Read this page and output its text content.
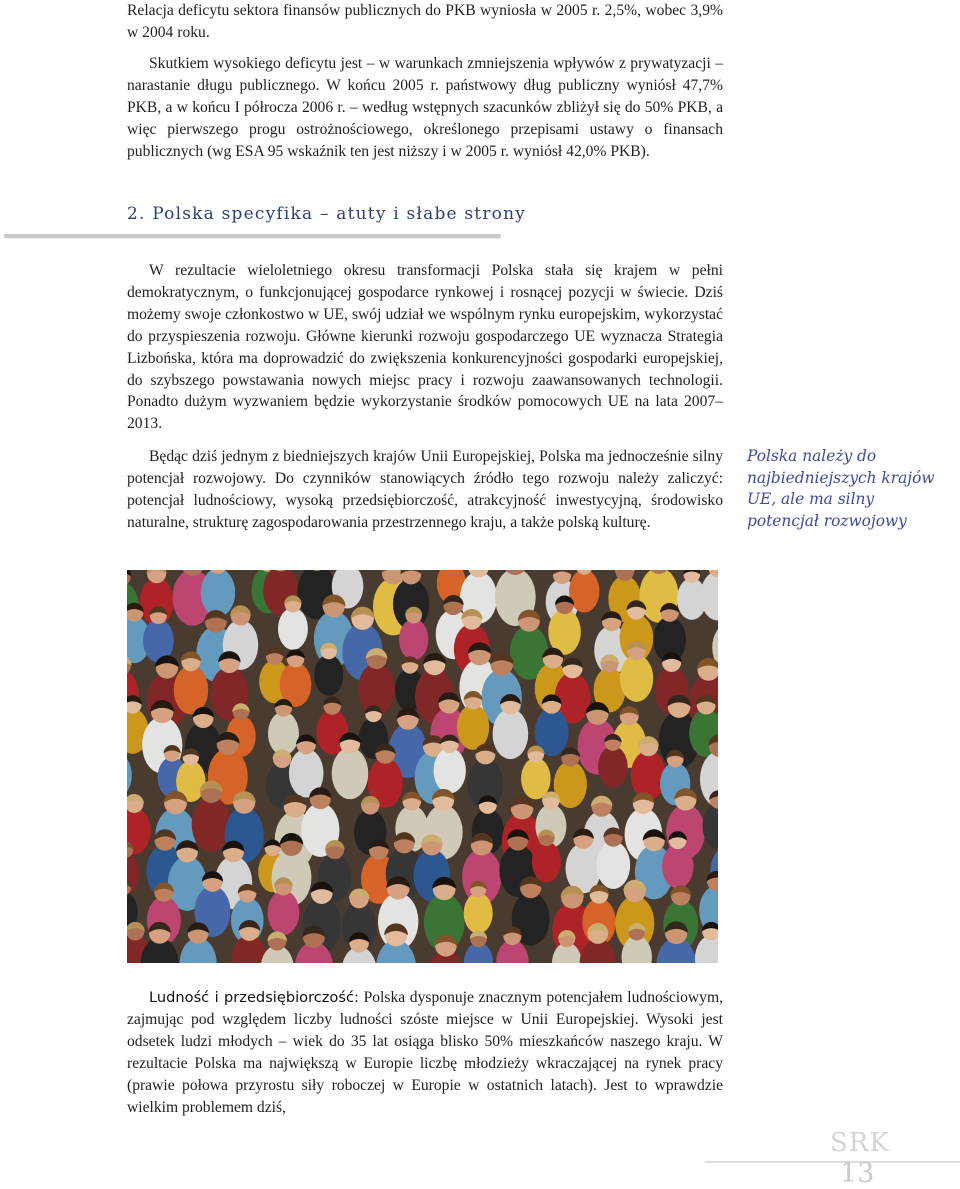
Relacja deficytu sektora finansów publicznych do PKB wyniosła w 2005 r. 2,5%, wobec 3,9% w 2004 roku.

Skutkiem wysokiego deficytu jest – w warunkach zmniejszenia wpływów z prywatyzacji – narastanie długu publicznego. W końcu 2005 r. państwowy dług publiczny wyniósł 47,7% PKB, a w końcu I półrocza 2006 r. – według wstępnych szacunków zbliżył się do 50% PKB, a więc pierwszego progu ostrożnościowego, określonego przepisami ustawy o finansach publicznych (wg ESA 95 wskaźnik ten jest niższy i w 2005 r. wyniósł 42,0% PKB).

2. Polska specyfika – atuty i słabe strony

W rezultacie wieloletniego okresu transformacji Polska stała się krajem w pełni demokratycznym, o funkcjonującej gospodarce rynkowej i rosnącej pozycji w świecie. Dziś możemy swoje członkostwo w UE, swój udział we wspólnym rynku europejskim, wykorzystać do przyspieszenia rozwoju. Główne kierunki rozwoju gospodarczego UE wyznacza Strategia Lizbońska, która ma doprowadzić do zwiększenia konkurencyjności gospodarki europejskiej, do szybszego powstawania nowych miejsc pracy i rozwoju zaawansowanych technologii. Ponadto dużym wyzwaniem będzie wykorzystanie środków pomocowych UE na lata 2007–2013.

Będąc dziś jednym z biedniejszych krajów Unii Europejskiej, Polska ma jednocześnie silny potencjał rozwojowy. Do czynników stanowiących źródło tego rozwoju należy zaliczyć: potencjał ludnościowy, wysoką przedsiębiorczość, atrakcyjność inwestycyjną, środowisko naturalne, strukturę zagospodarowania przestrzennego kraju, a także polską kulturę.

Polska należy do najbiedniejszych krajów UE, ale ma silny potencjał rozwojowy

Ludność i przedsiębiorczość: Polska dysponuje znacznym potencjałem ludnościowym, zajmując pod względem liczby ludności szóste miejsce w Unii Europejskiej. Wysoki jest odsetek ludzi młodych – wiek do 35 lat osiąga blisko 50% mieszkańców naszego kraju. W rezultacie Polska ma największą w Europie liczbę młodzieży wkraczającej na rynek pracy (prawie połowa przyrostu siły roboczej w Europie w ostatnich latach). Jest to wprawdzie wielkim problemem dziś,

SRK
13
